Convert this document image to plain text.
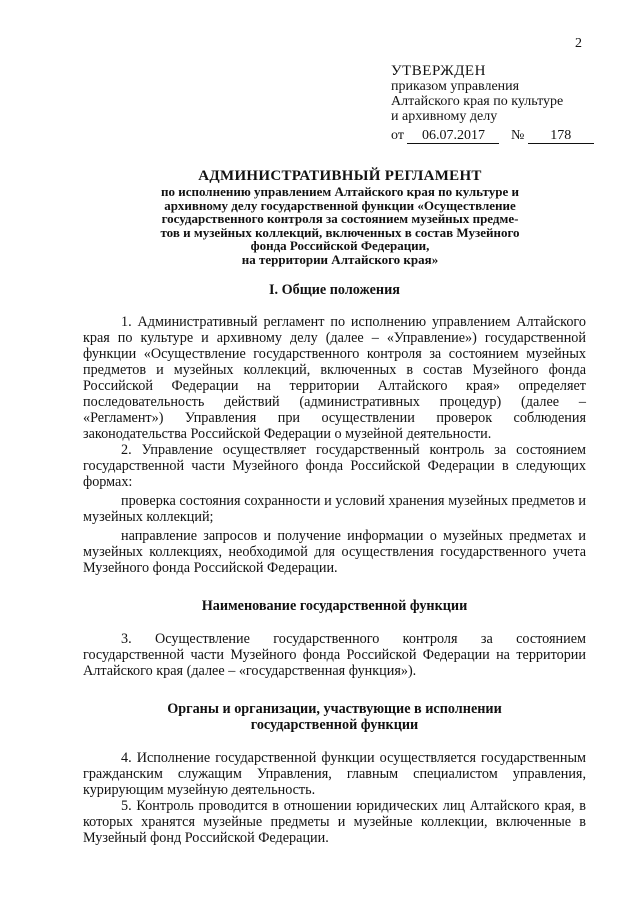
2
УТВЕРЖДЕН
приказом управления
Алтайского края по культуре
и архивному делу
от 06.07.2017 № 178
АДМИНИСТРАТИВНЫЙ РЕГЛАМЕНТ
по исполнению управлением Алтайского края по культуре и
архивному делу государственной функции «Осуществление
государственного контроля за состоянием музейных предме-
тов и музейных коллекций, включенных в состав Музейного
фонда Российской Федерации,
на территории Алтайского края»
I. Общие положения

1. Административный регламент по исполнению управлением Алтайского края по культуре и архивному делу (далее – «Управление») государственной функции «Осуществление государственного контроля за состоянием музейных предметов и музейных коллекций, включенных в состав Музейного фонда Российской Федерации на территории Алтайского края» определяет последовательность действий (административных процедур) (далее – «Регламент») Управления при осуществлении проверок соблюдения законодательства Российской Федерации о музейной деятельности.

2. Управление осуществляет государственный контроль за состоянием государственной части Музейного фонда Российской Федерации в следующих формах:

проверка состояния сохранности и условий хранения музейных предметов и музейных коллекций;

направление запросов и получение информации о музейных предметах и музейных коллекциях, необходимой для осуществления государственного учета Музейного фонда Российской Федерации.

Наименование государственной функции

3. Осуществление государственного контроля за состоянием государственной части Музейного фонда Российской Федерации на территории Алтайского края (далее – «государственная функция»).

Органы и организации, участвующие в исполнении
государственной функции

4. Исполнение государственной функции осуществляется государственным гражданским служащим Управления, главным специалистом управления, курирующим музейную деятельность.

5. Контроль проводится в отношении юридических лиц Алтайского края, в которых хранятся музейные предметы и музейные коллекции, включенные в Музейный фонд Российской Федерации.
